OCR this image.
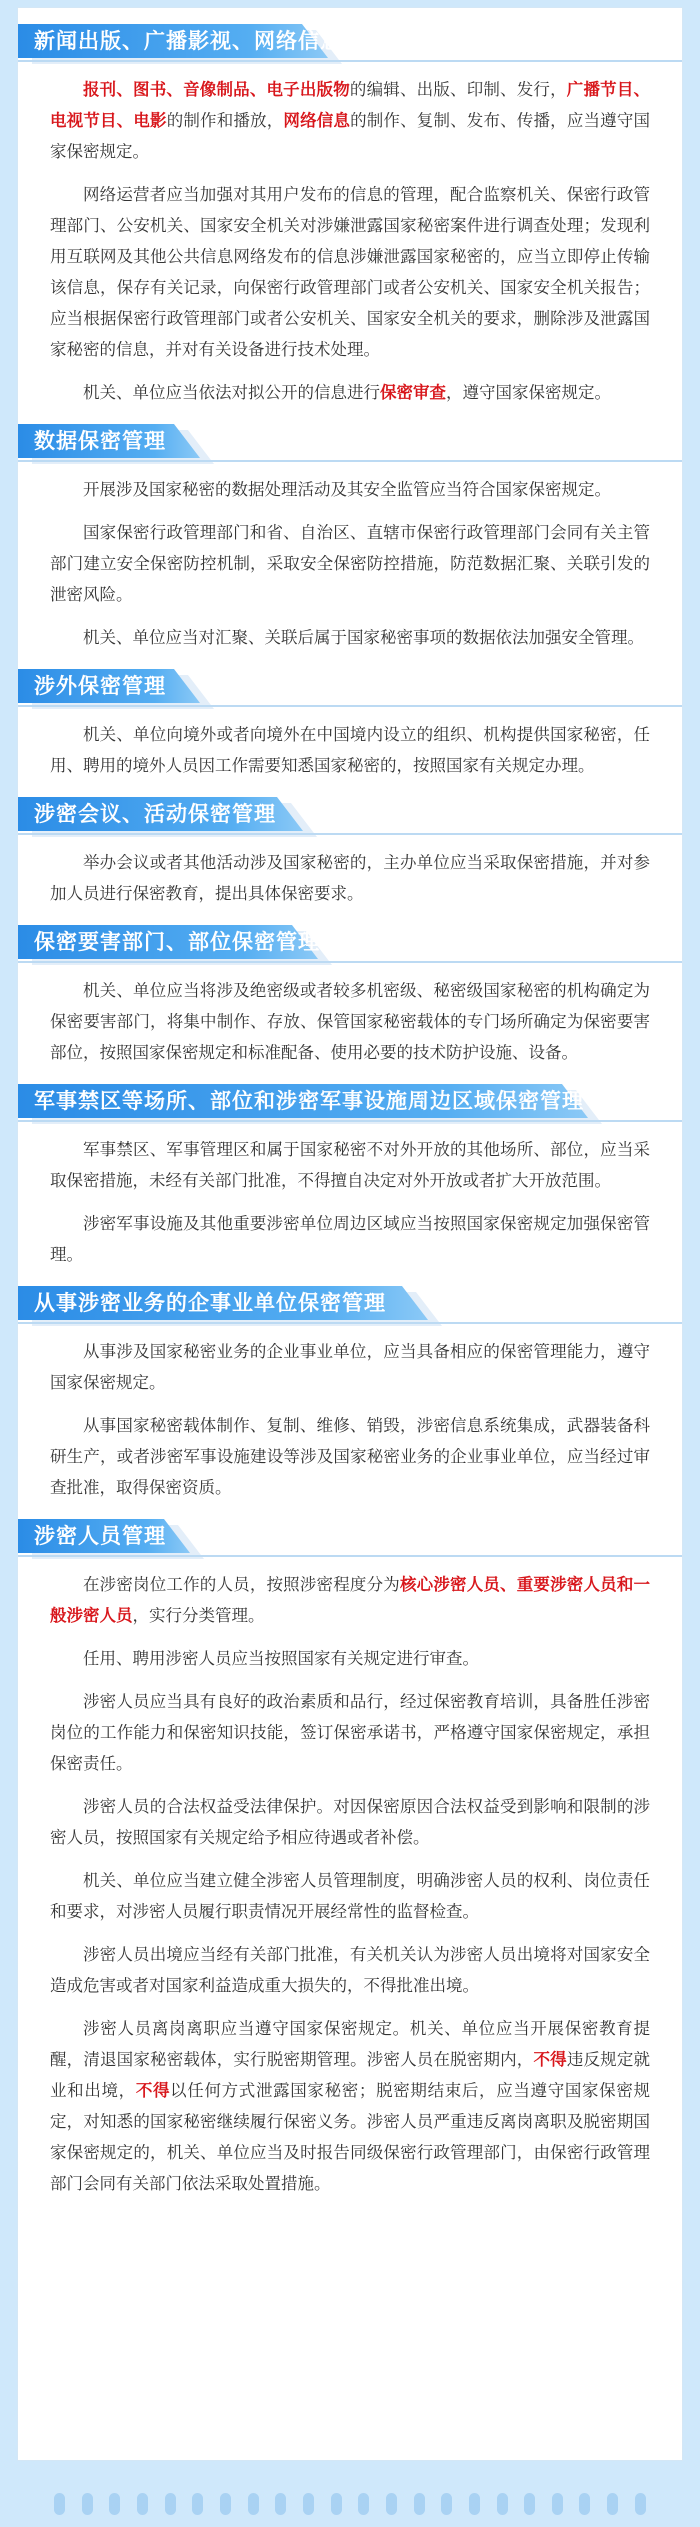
新闻出版、广播影视、网络信息保密管理

报刊、图书、音像制品、电子出版物的编辑、出版、印制、发行，广播节目、电视节目、电影的制作和播放，网络信息的制作、复制、发布、传播，应当遵守国家保密规定。

网络运营者应当加强对其用户发布的信息的管理，配合监察机关、保密行政管理部门、公安机关、国家安全机关对涉嫌泄露国家秘密案件进行调查处理；发现利用互联网及其他公共信息网络发布的信息涉嫌泄露国家秘密的，应当立即停止传输该信息，保存有关记录，向保密行政管理部门或者公安机关、国家安全机关报告；应当根据保密行政管理部门或者公安机关、国家安全机关的要求，删除涉及泄露国家秘密的信息，并对有关设备进行技术处理。

机关、单位应当依法对拟公开的信息进行保密审查，遵守国家保密规定。

数据保密管理

开展涉及国家秘密的数据处理活动及其安全监管应当符合国家保密规定。

国家保密行政管理部门和省、自治区、直辖市保密行政管理部门会同有关主管部门建立安全保密防控机制，采取安全保密防控措施，防范数据汇聚、关联引发的泄密风险。

机关、单位应当对汇聚、关联后属于国家秘密事项的数据依法加强安全管理。

涉外保密管理

机关、单位向境外或者向境外在中国境内设立的组织、机构提供国家秘密，任用、聘用的境外人员因工作需要知悉国家秘密的，按照国家有关规定办理。

涉密会议、活动保密管理

举办会议或者其他活动涉及国家秘密的，主办单位应当采取保密措施，并对参加人员进行保密教育，提出具体保密要求。

保密要害部门、部位保密管理

机关、单位应当将涉及绝密级或者较多机密级、秘密级国家秘密的机构确定为保密要害部门，将集中制作、存放、保管国家秘密载体的专门场所确定为保密要害部位，按照国家保密规定和标准配备、使用必要的技术防护设施、设备。

军事禁区等场所、部位和涉密军事设施周边区域保密管理

军事禁区、军事管理区和属于国家秘密不对外开放的其他场所、部位，应当采取保密措施，未经有关部门批准，不得擅自决定对外开放或者扩大开放范围。

涉密军事设施及其他重要涉密单位周边区域应当按照国家保密规定加强保密管理。

从事涉密业务的企事业单位保密管理

从事涉及国家秘密业务的企业事业单位，应当具备相应的保密管理能力，遵守国家保密规定。

从事国家秘密载体制作、复制、维修、销毁，涉密信息系统集成，武器装备科研生产，或者涉密军事设施建设等涉及国家秘密业务的企业事业单位，应当经过审查批准，取得保密资质。

涉密人员管理

在涉密岗位工作的人员，按照涉密程度分为核心涉密人员、重要涉密人员和一般涉密人员，实行分类管理。

任用、聘用涉密人员应当按照国家有关规定进行审查。

涉密人员应当具有良好的政治素质和品行，经过保密教育培训，具备胜任涉密岗位的工作能力和保密知识技能，签订保密承诺书，严格遵守国家保密规定，承担保密责任。

涉密人员的合法权益受法律保护。对因保密原因合法权益受到影响和限制的涉密人员，按照国家有关规定给予相应待遇或者补偿。

机关、单位应当建立健全涉密人员管理制度，明确涉密人员的权利、岗位责任和要求，对涉密人员履行职责情况开展经常性的监督检查。

涉密人员出境应当经有关部门批准，有关机关认为涉密人员出境将对国家安全造成危害或者对国家利益造成重大损失的，不得批准出境。

涉密人员离岗离职应当遵守国家保密规定。机关、单位应当开展保密教育提醒，清退国家秘密载体，实行脱密期管理。涉密人员在脱密期内，不得违反规定就业和出境，不得以任何方式泄露国家秘密；脱密期结束后，应当遵守国家保密规定，对知悉的国家秘密继续履行保密义务。涉密人员严重违反离岗离职及脱密期国家保密规定的，机关、单位应当及时报告同级保密行政管理部门，由保密行政管理部门会同有关部门依法采取处置措施。
